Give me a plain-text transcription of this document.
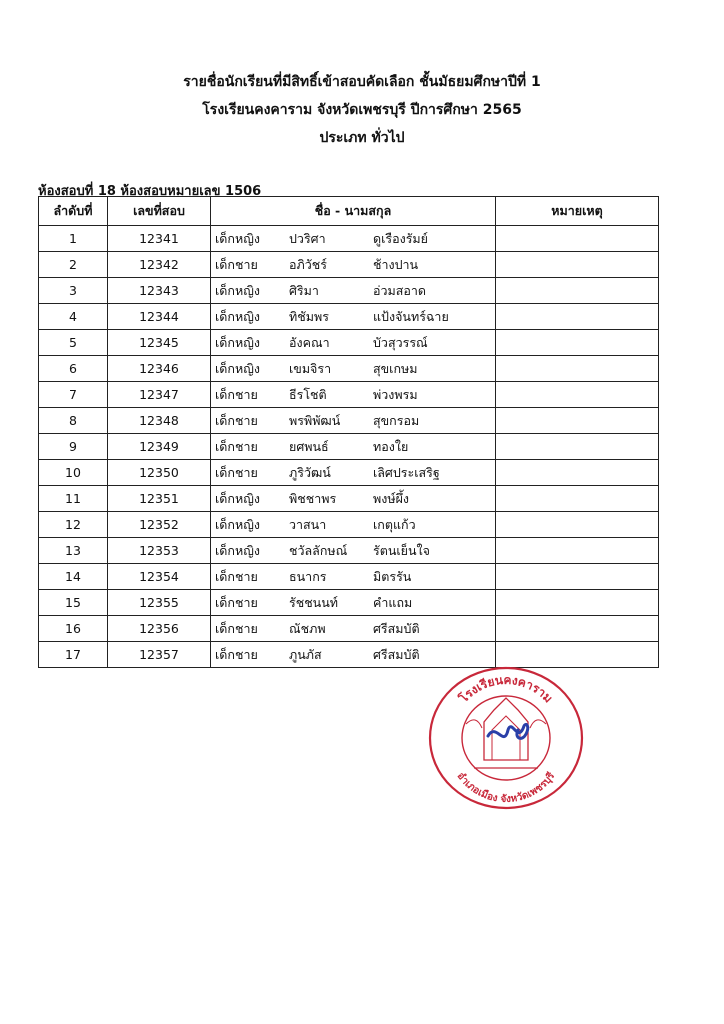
รายชื่อนักเรียนที่มีสิทธิ์เข้าสอบคัดเลือก ชั้นมัธยมศึกษาปีที่ 1
โรงเรียนคงคาราม จังหวัดเพชรบุรี ปีการศึกษา 2565
ประเภท ทั่วไป
ห้องสอบที่ 18 ห้องสอบหมายเลข 1506
ลำดับที่	เลขที่สอบ	ชื่อ - นามสกุล	หมายเหตุ
1	12341	เด็กหญิง ปวริศา ดูเรืองรัมย์	
2	12342	เด็กชาย อภิวัชร์ ช้างปาน	
3	12343	เด็กหญิง ศิริมา อ่วมสอาด	
4	12344	เด็กหญิง ทิชัมพร แป้งจันทร์ฉาย	
5	12345	เด็กหญิง อังคณา บัวสุวรรณ์	
6	12346	เด็กหญิง เขมจิรา สุขเกษม	
7	12347	เด็กชาย ธีรโชติ พ่วงพรม	
8	12348	เด็กชาย พรพิพัฒน์ สุขกรอม	
9	12349	เด็กชาย ยศพนธ์ ทองใย	
10	12350	เด็กชาย ภูริวัฒน์ เลิศประเสริฐ	
11	12351	เด็กหญิง พิชชาพร พงษ์ผึ้ง	
12	12352	เด็กหญิง วาสนา เกตุแก้ว	
13	12353	เด็กหญิง ชวัลลักษณ์ รัตนเย็นใจ	
14	12354	เด็กชาย ธนากร มิตรรัน	
15	12355	เด็กชาย รัชชนนท์ คำแถม	
16	12356	เด็กชาย ณัชภพ ศรีสมบัติ	
17	12357	เด็กชาย ภูนภัส ศรีสมบัติ	
โรงเรียนคงคาราม
อำเภอเมือง จังหวัดเพชรบุรี
